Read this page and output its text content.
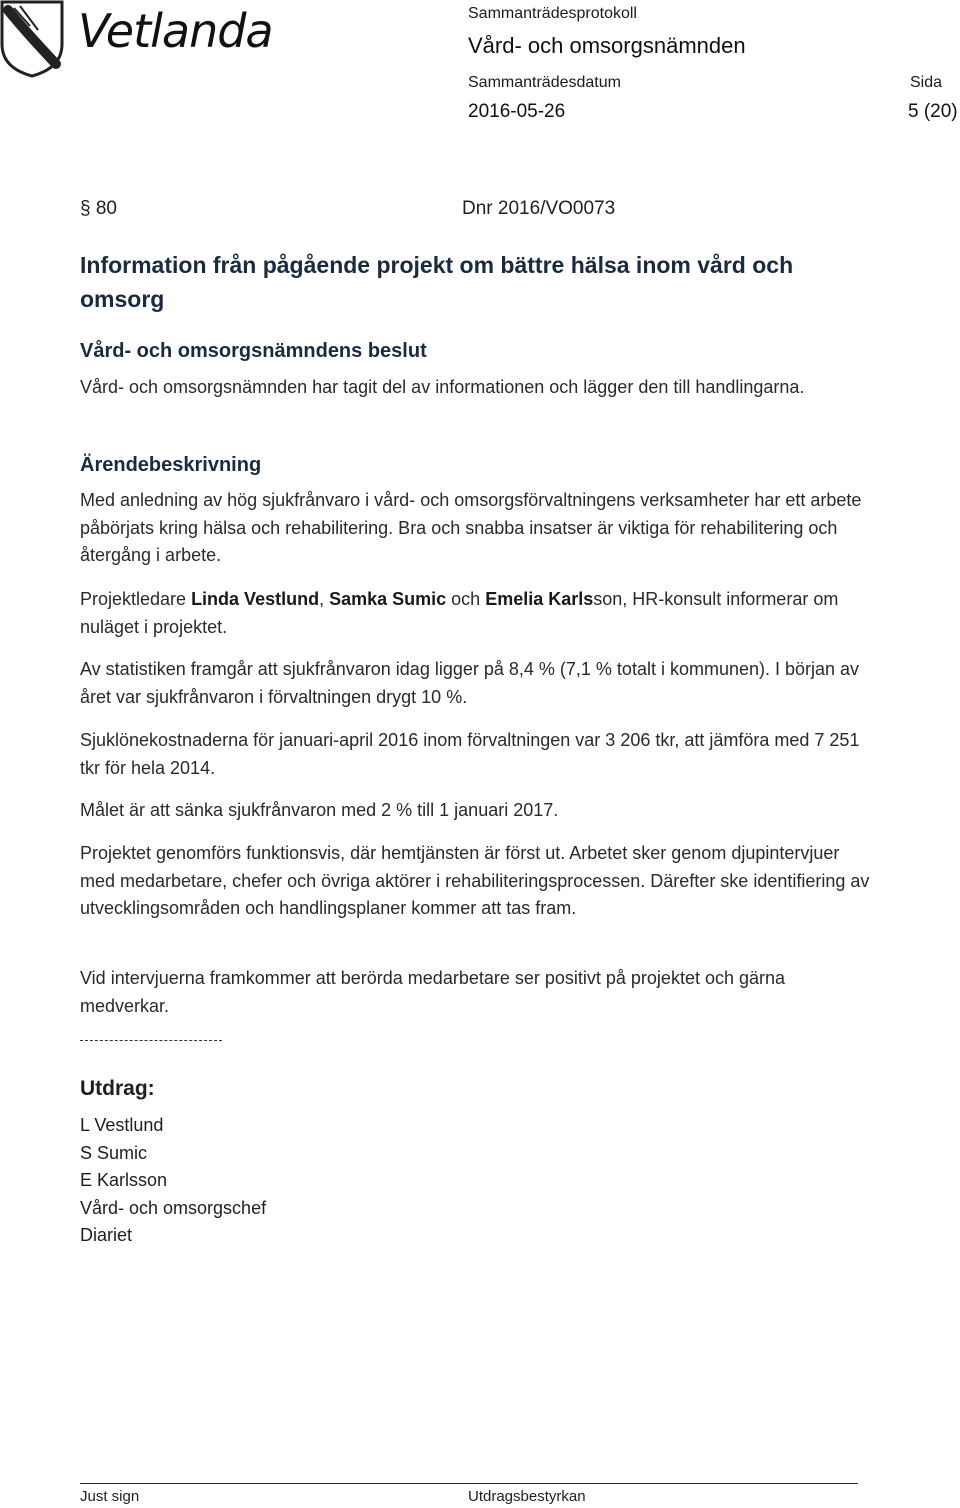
Vetlanda	Sammanträdesprotokoll
Vård- och omsorgsnämnden
Sammanträdesdatum	Sida
2016-05-26	5 (20)
§ 80	Dnr 2016/VO0073
Information från pågående projekt om bättre hälsa inom vård och omsorg
Vård- och omsorgsnämndens beslut

Vård- och omsorgsnämnden har tagit del av informationen och lägger den till handlingarna.

Ärendebeskrivning

Med anledning av hög sjukfrånvaro i vård- och omsorgsförvaltningens verksamheter har ett arbete påbörjats kring hälsa och rehabilitering. Bra och snabba insatser är viktiga för rehabilitering och återgång i arbete.

Projektledare Linda Vestlund, Samka Sumic och Emelia Karlsson, HR-konsult informerar om nuläget i projektet.

Av statistiken framgår att sjukfrånvaron idag ligger på 8,4 % (7,1 % totalt i kommunen). I början av året var sjukfrånvaron i förvaltningen drygt 10 %.

Sjuklönekostnaderna för januari-april 2016 inom förvaltningen var 3 206 tkr, att jämföra med 7 251 tkr för hela 2014.

Målet är att sänka sjukfrånvaron med 2 % till 1 januari 2017.

Projektet genomförs funktionsvis, där hemtjänsten är först ut. Arbetet sker genom djupintervjuer med medarbetare, chefer och övriga aktörer i rehabiliteringsprocessen. Därefter ske identifiering av utvecklingsområden och handlingsplaner kommer att tas fram.

Vid intervjuerna framkommer att berörda medarbetare ser positivt på projektet och gärna medverkar.

Utdrag:
L Vestlund
S Sumic
E Karlsson
Vård- och omsorgschef
Diariet
Just sign	Utdragsbestyrkan
